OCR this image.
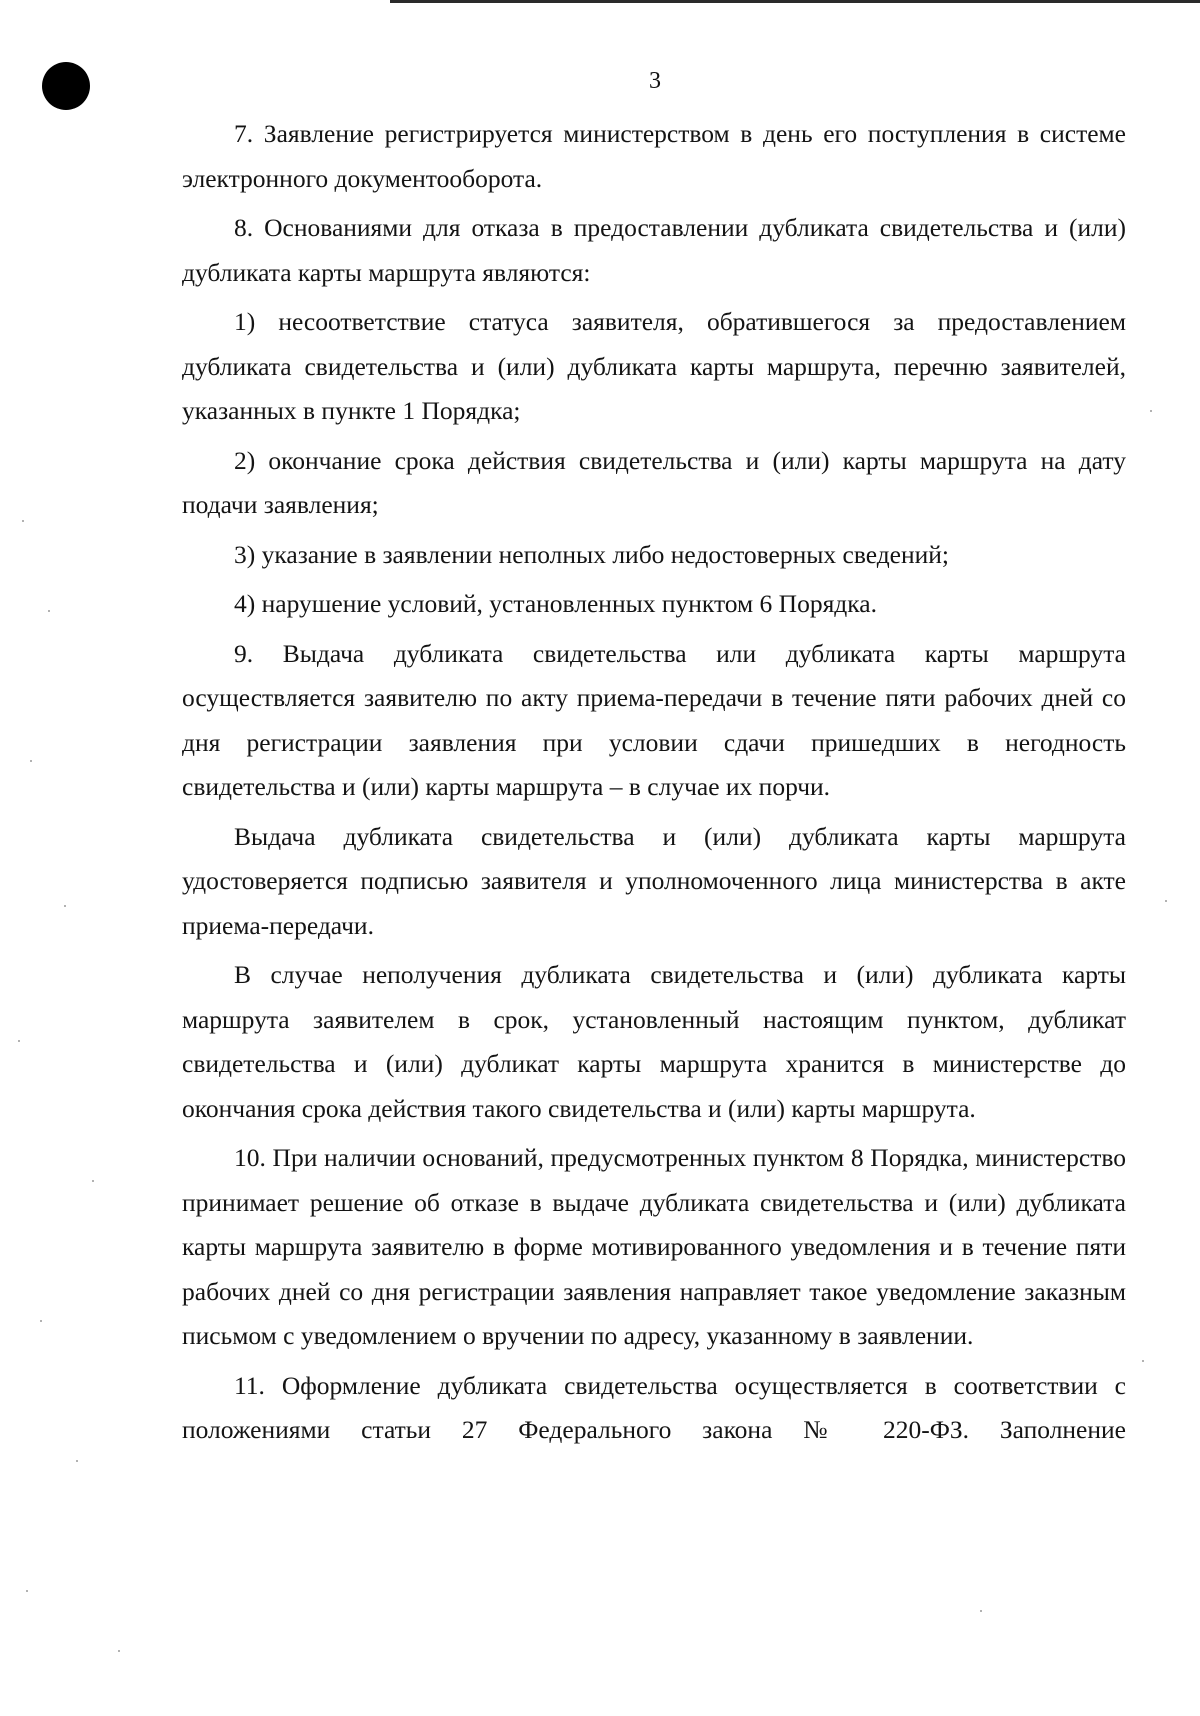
3

7. Заявление регистрируется министерством в день его поступления в системе электронного документооборота.

8. Основаниями для отказа в предоставлении дубликата свидетельства и (или) дубликата карты маршрута являются:

1) несоответствие статуса заявителя, обратившегося за предоставлением дубликата свидетельства и (или) дубликата карты маршрута, перечню заявителей, указанных в пункте 1 Порядка;

2) окончание срока действия свидетельства и (или) карты маршрута на дату подачи заявления;

3) указание в заявлении неполных либо недостоверных сведений;

4) нарушение условий, установленных пунктом 6 Порядка.

9. Выдача дубликата свидетельства или дубликата карты маршрута осуществляется заявителю по акту приема-передачи в течение пяти рабочих дней со дня регистрации заявления при условии сдачи пришедших в негодность свидетельства и (или) карты маршрута – в случае их порчи.

Выдача дубликата свидетельства и (или) дубликата карты маршрута удостоверяется подписью заявителя и уполномоченного лица министерства в акте приема-передачи.

В случае неполучения дубликата свидетельства и (или) дубликата карты маршрута заявителем в срок, установленный настоящим пунктом, дубликат свидетельства и (или) дубликат карты маршрута хранится в министерстве до окончания срока действия такого свидетельства и (или) карты маршрута.

10. При наличии оснований, предусмотренных пунктом 8 Порядка, министерство принимает решение об отказе в выдаче дубликата свидетельства и (или) дубликата карты маршрута заявителю в форме мотивированного уведомления и в течение пяти рабочих дней со дня регистрации заявления направляет такое уведомление заказным письмом с уведомлением о вручении по адресу, указанному в заявлении.

11. Оформление дубликата свидетельства осуществляется в соответствии с положениями статьи 27 Федерального закона № 220-ФЗ. Заполнение
